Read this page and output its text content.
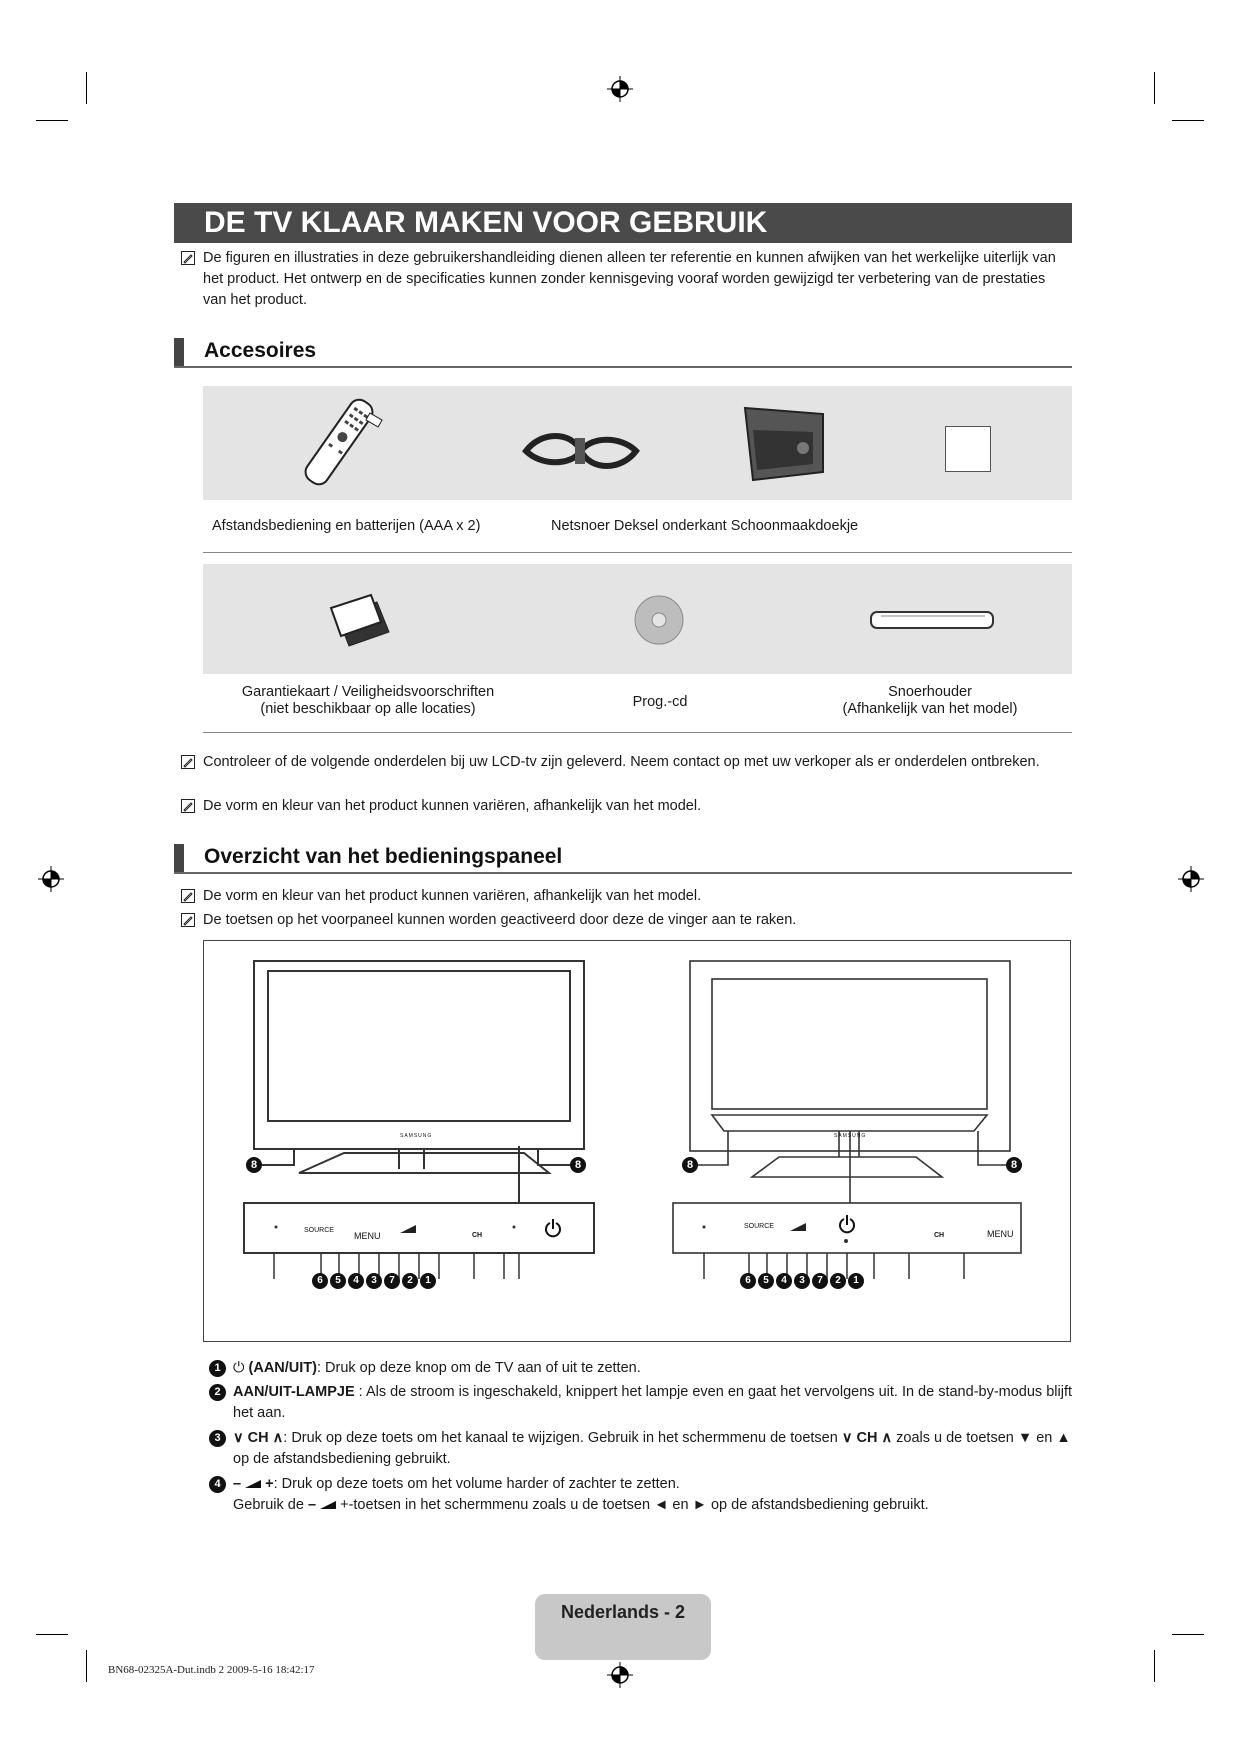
DE TV KLAAR MAKEN VOOR GEBRUIK
De figuren en illustraties in deze gebruikershandleiding dienen alleen ter referentie en kunnen afwijken van het werkelijke uiterlijk van het product. Het ontwerp en de specificaties kunnen zonder kennisgeving vooraf worden gewijzigd ter verbetering van de prestaties van het product.
Accesoires
Afstandsbediening en batterijen (AAA x 2)	Netsnoer Deksel onderkant Schoonmaakdoekje
Garantiekaart / Veiligheidsvoorschriften
(niet beschikbaar op alle locaties)	Prog.-cd
Snoerhouder
(Afhankelijk van het model)
Controleer of de volgende onderdelen bij uw LCD-tv zijn geleverd. Neem contact op met uw verkoper als er onderdelen ontbreken.
De vorm en kleur van het product kunnen variëren, afhankelijk van het model.
Overzicht van het bedieningspaneel
De vorm en kleur van het product kunnen variëren, afhankelijk van het model.
De toetsen op het voorpaneel kunnen worden geactiveerd door deze de vinger aan te raken.
SOURCE
MENU	CH
SAMSUNG
SOURCE
CH	MENU
SAMSUNG
8	8	8	8
6	5	4	3	7	2	1	6	5	4	3	7	2	1
1 ⏻ (AAN/UIT): Druk op deze knop om de TV aan of uit te zetten.
2 AAN/UIT-LAMPJE : Als de stroom is ingeschakeld, knippert het lampje even en gaat het vervolgens uit. In de stand-by-modus blijft het aan.
3 ∨ CH ∧: Druk op deze toets om het kanaal te wijzigen. Gebruik in het schermmenu de toetsen ∨ CH ∧ zoals u de toetsen ▼ en ▲ op de afstandsbediening gebruikt.
4 – +: Druk op deze toets om het volume harder of zachter te zetten.
Gebruik de – +-toetsen in het schermmenu zoals u de toetsen ◄ en ► op de afstandsbediening gebruikt.
Nederlands - 2
BN68-02325A-Dut.indb 2 2009-5-16 18:42:17
